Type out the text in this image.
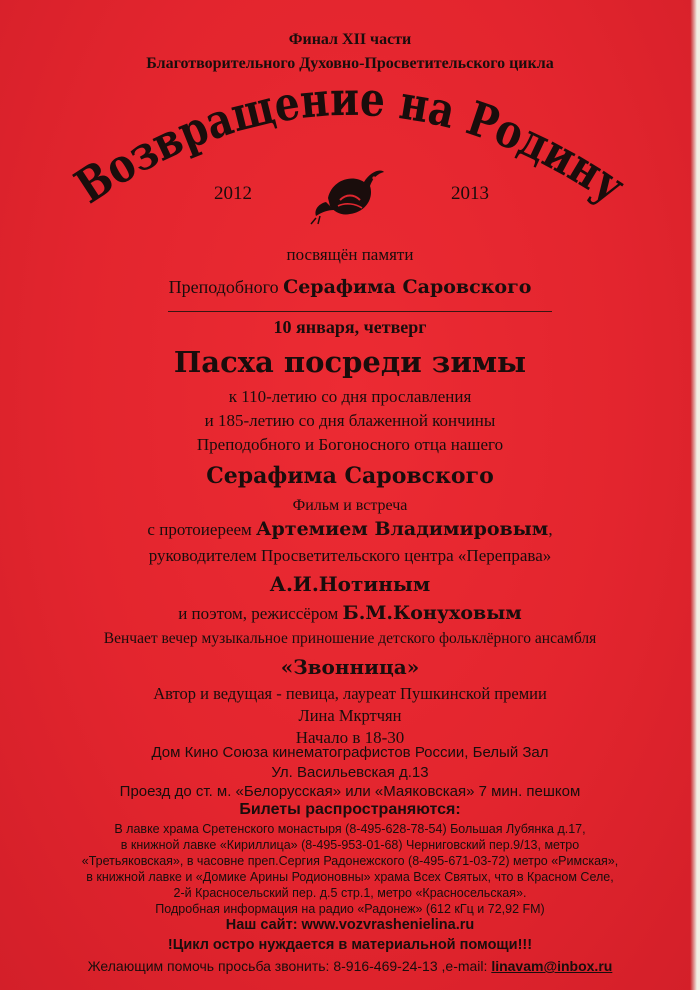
Финал XII части
Благотворительного Духовно-Просветительского цикла
Возвращение на Родину
2012	2013
посвящён памяти
Преподобного Серафима Саровского
10 января, четверг
Пасха посреди зимы
к 110-летию со дня прославления
и 185-летию со дня блаженной кончины
Преподобного и Богоносного отца нашего
Серафима Саровского
Фильм и встреча
с протоиереем Артемием Владимировым,
руководителем Просветительского центра «Переправа»
А.И.Нотиным
и поэтом, режиссёром Б.М.Конуховым
Венчает вечер музыкальное приношение детского фольклёрного ансамбля
«Звонница»
Автор и ведущая - певица, лауреат Пушкинской премии
Лина Мкртчян
Начало в 18-30
Дом Кино Союза кинематографистов России, Белый Зал
Ул. Васильевская д.13
Проезд до ст. м. «Белорусская» или «Маяковская» 7 мин. пешком
Билеты распространяются:
В лавке храма Сретенского монастыря (8-495-628-78-54) Большая Лубянка д.17,
в книжной лавке «Кириллица» (8-495-953-01-68) Черниговский пер.9/13, метро
«Третьяковская», в часовне преп.Сергия Радонежского (8-495-671-03-72) метро «Римская»,
в книжной лавке и «Домике Арины Родионовны» храма Всех Святых, что в Красном Селе,
2-й Красносельский пер. д.5 стр.1, метро «Красносельская».
Подробная информация на радио «Радонеж» (612 кГц и 72,92 FM)
Наш сайт: www.vozvrashenielina.ru
!Цикл остро нуждается в материальной помощи!!!
Желающим помочь просьба звонить: 8-916-469-24-13 ,e-mail: linavam@inbox.ru
